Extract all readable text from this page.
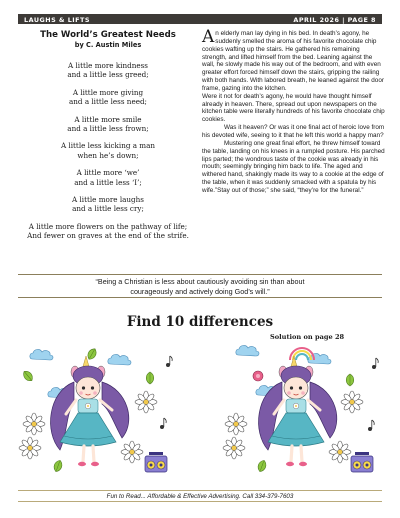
LAUGHS & LIFTS	APRIL 2026 | PAGE 8
The World’s Greatest Needs
by C. Austin Miles
A little more kindness
and a little less greed;
A little more giving
and a little less need;
A little more smile
and a little less frown;
A little less kicking a man
when he’s down;
A little more ‘we’
and a little less ‘I’;
A little more laughs
and a little less cry;
A little more flowers on the pathway of life;
And fewer on graves at the end of the strife.

An elderly man lay dying in his bed. In death’s agony, he suddenly smelled the aroma of his favorite chocolate chip cookies wafting up the stairs. He gathered his remaining strength, and lifted himself from the bed. Leaning against the wall, he slowly made his way out of the bedroom, and with even greater effort forced himself down the stairs, gripping the railing with both hands. With labored breath, he leaned against the door frame, gazing into the kitchen.

Were it not for death’s agony, he would have thought himself already in heaven. There, spread out upon newspapers on the kitchen table were literally hundreds of his favorite chocolate chip cookies.

Was it heaven? Or was it one final act of heroic love from his devoted wife, seeing to it that he left this world a happy man?

Mustering one great final effort, he threw himself toward the table, landing on his knees in a rumpled posture. His parched lips parted; the wondrous taste of the cookie was already in his mouth; seemingly bringing him back to life. The aged and withered hand, shakingly made its way to a cookie at the edge of the table, when it was suddenly smacked with a spatula by his wife.”Stay out of those;” she said, “they’re for the funeral.”

“Being a Christian is less about cautiously avoiding sin than about
courageously and actively doing God’s will.”
Find 10 differences
Solution on page 28
Fun to Read... Affordable & Effective Advertising. Call 334-379-7603
